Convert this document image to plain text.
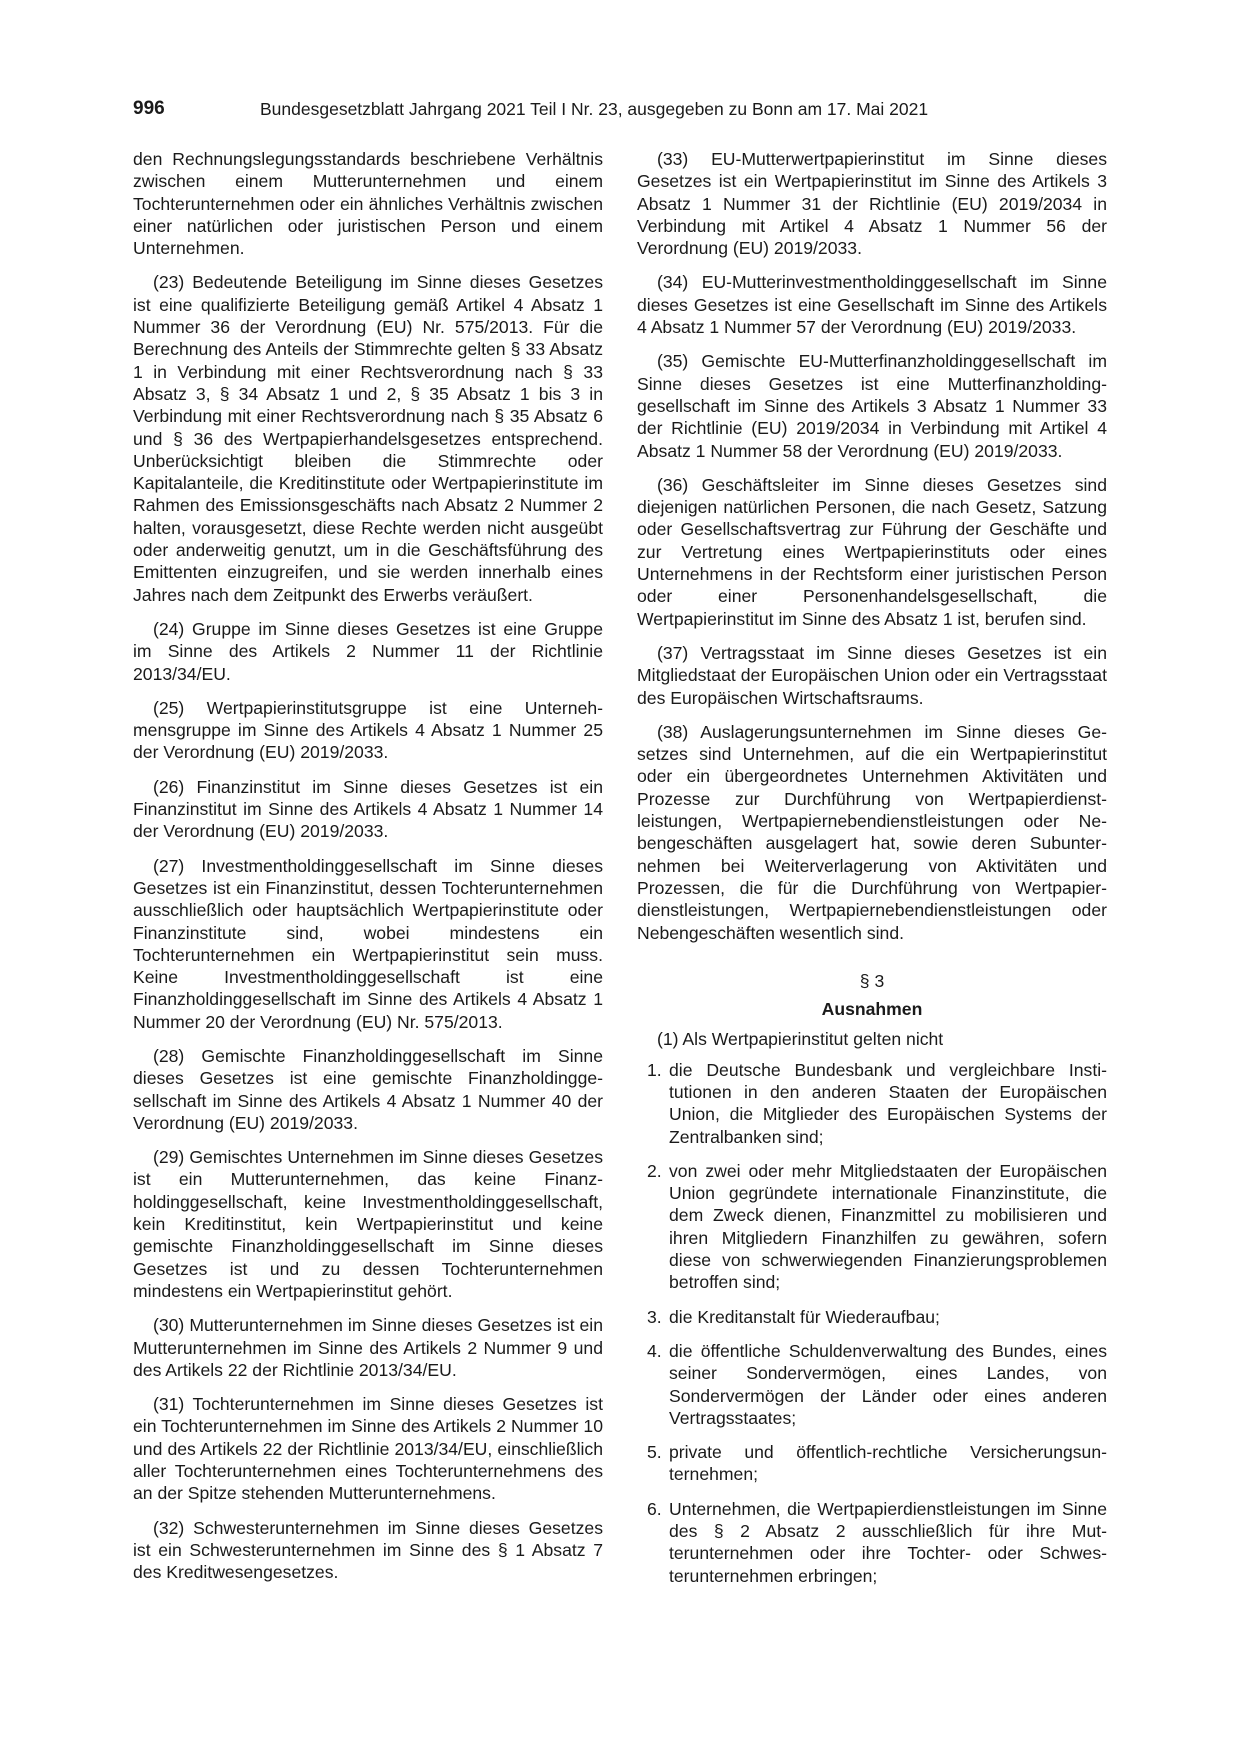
996	Bundesgesetzblatt Jahrgang 2021 Teil I Nr. 23, ausgegeben zu Bonn am 17. Mai 2021

den Rechnungslegungsstandards beschriebene Verhältnis zwischen einem Mutterunternehmen und einem Tochterunternehmen oder ein ähnliches Verhältnis zwischen einer natürlichen oder juristischen Person und einem Unternehmen.

(23) Bedeutende Beteiligung im Sinne dieses Gesetzes ist eine qualifizierte Beteiligung gemäß Artikel 4 Absatz 1 Nummer 36 der Verordnung (EU) Nr. 575/2013. Für die Berechnung des Anteils der Stimmrechte gelten § 33 Absatz 1 in Verbindung mit einer Rechtsverordnung nach § 33 Absatz 3, § 34 Absatz 1 und 2, § 35 Absatz 1 bis 3 in Verbindung mit einer Rechtsverordnung nach § 35 Absatz 6 und § 36 des Wertpapierhandelsgesetzes entsprechend. Unberücksichtigt bleiben die Stimmrechte oder Kapitalanteile, die Kreditinstitute oder Wertpapierinstitute im Rahmen des Emissionsgeschäfts nach Absatz 2 Nummer 2 halten, vorausgesetzt, diese Rechte werden nicht ausgeübt oder anderweitig genutzt, um in die Geschäftsführung des Emittenten einzugreifen, und sie werden innerhalb eines Jahres nach dem Zeitpunkt des Erwerbs veräußert.

(24) Gruppe im Sinne dieses Gesetzes ist eine Gruppe im Sinne des Artikels 2 Nummer 11 der Richtlinie 2013/34/EU.

(25) Wertpapierinstitutsgruppe ist eine Unternehmensgruppe im Sinne des Artikels 4 Absatz 1 Nummer 25 der Verordnung (EU) 2019/2033.

(26) Finanzinstitut im Sinne dieses Gesetzes ist ein Finanzinstitut im Sinne des Artikels 4 Absatz 1 Nummer 14 der Verordnung (EU) 2019/2033.

(27) Investmentholdinggesellschaft im Sinne dieses Gesetzes ist ein Finanzinstitut, dessen Tochterunternehmen ausschließlich oder hauptsächlich Wertpapierinstitute oder Finanzinstitute sind, wobei mindestens ein Tochterunternehmen ein Wertpapierinstitut sein muss. Keine Investmentholdinggesellschaft ist eine Finanzholdinggesellschaft im Sinne des Artikels 4 Absatz 1 Nummer 20 der Verordnung (EU) Nr. 575/2013.

(28) Gemischte Finanzholdinggesellschaft im Sinne dieses Gesetzes ist eine gemischte Finanzholdinggesellschaft im Sinne des Artikels 4 Absatz 1 Nummer 40 der Verordnung (EU) 2019/2033.

(29) Gemischtes Unternehmen im Sinne dieses Gesetzes ist ein Mutterunternehmen, das keine Finanzholdinggesellschaft, keine Investmentholdinggesellschaft, kein Kreditinstitut, kein Wertpapierinstitut und keine gemischte Finanzholdinggesellschaft im Sinne dieses Gesetzes ist und zu dessen Tochterunternehmen mindestens ein Wertpapierinstitut gehört.

(30) Mutterunternehmen im Sinne dieses Gesetzes ist ein Mutterunternehmen im Sinne des Artikels 2 Nummer 9 und des Artikels 22 der Richtlinie 2013/34/EU.

(31) Tochterunternehmen im Sinne dieses Gesetzes ist ein Tochterunternehmen im Sinne des Artikels 2 Nummer 10 und des Artikels 22 der Richtlinie 2013/34/EU, einschließlich aller Tochterunternehmen eines Tochterunternehmens des an der Spitze stehenden Mutterunternehmens.

(32) Schwesterunternehmen im Sinne dieses Gesetzes ist ein Schwesterunternehmen im Sinne des § 1 Absatz 7 des Kreditwesengesetzes.

(33) EU-Mutterwertpapierinstitut im Sinne dieses Gesetzes ist ein Wertpapierinstitut im Sinne des Artikels 3 Absatz 1 Nummer 31 der Richtlinie (EU) 2019/2034 in Verbindung mit Artikel 4 Absatz 1 Nummer 56 der Verordnung (EU) 2019/2033.

(34) EU-Mutterinvestmentholdinggesellschaft im Sinne dieses Gesetzes ist eine Gesellschaft im Sinne des Artikels 4 Absatz 1 Nummer 57 der Verordnung (EU) 2019/2033.

(35) Gemischte EU-Mutterfinanzholdinggesellschaft im Sinne dieses Gesetzes ist eine Mutterfinanzholdinggesellschaft im Sinne des Artikels 3 Absatz 1 Nummer 33 der Richtlinie (EU) 2019/2034 in Verbindung mit Artikel 4 Absatz 1 Nummer 58 der Verordnung (EU) 2019/2033.

(36) Geschäftsleiter im Sinne dieses Gesetzes sind diejenigen natürlichen Personen, die nach Gesetz, Satzung oder Gesellschaftsvertrag zur Führung der Geschäfte und zur Vertretung eines Wertpapierinstituts oder eines Unternehmens in der Rechtsform einer juristischen Person oder einer Personenhandelsgesellschaft, die Wertpapierinstitut im Sinne des Absatz 1 ist, berufen sind.

(37) Vertragsstaat im Sinne dieses Gesetzes ist ein Mitgliedstaat der Europäischen Union oder ein Vertragsstaat des Europäischen Wirtschaftsraums.

(38) Auslagerungsunternehmen im Sinne dieses Gesetzes sind Unternehmen, auf die ein Wertpapierinstitut oder ein übergeordnetes Unternehmen Aktivitäten und Prozesse zur Durchführung von Wertpapierdienstleistungen, Wertpapiernebendienstleistungen oder Nebengeschäften ausgelagert hat, sowie deren Subunternehmen bei Weiterverlagerung von Aktivitäten und Prozessen, die für die Durchführung von Wertpapierdienstleistungen, Wertpapiernebendienstleistungen oder Nebengeschäften wesentlich sind.

§ 3
Ausnahmen

(1) Als Wertpapierinstitut gelten nicht

1. die Deutsche Bundesbank und vergleichbare Institutionen in den anderen Staaten der Europäischen Union, die Mitglieder des Europäischen Systems der Zentralbanken sind;
2. von zwei oder mehr Mitgliedstaaten der Europäischen Union gegründete internationale Finanzinstitute, die dem Zweck dienen, Finanzmittel zu mobilisieren und ihren Mitgliedern Finanzhilfen zu gewähren, sofern diese von schwerwiegenden Finanzierungsproblemen betroffen sind;
3. die Kreditanstalt für Wiederaufbau;
4. die öffentliche Schuldenverwaltung des Bundes, eines seiner Sondervermögen, eines Landes, von Sondervermögen der Länder oder eines anderen Vertragsstaates;
5. private und öffentlich-rechtliche Versicherungsunternehmen;
6. Unternehmen, die Wertpapierdienstleistungen im Sinne des § 2 Absatz 2 ausschließlich für ihre Mutterunternehmen oder ihre Tochter- oder Schwesterunternehmen erbringen;
